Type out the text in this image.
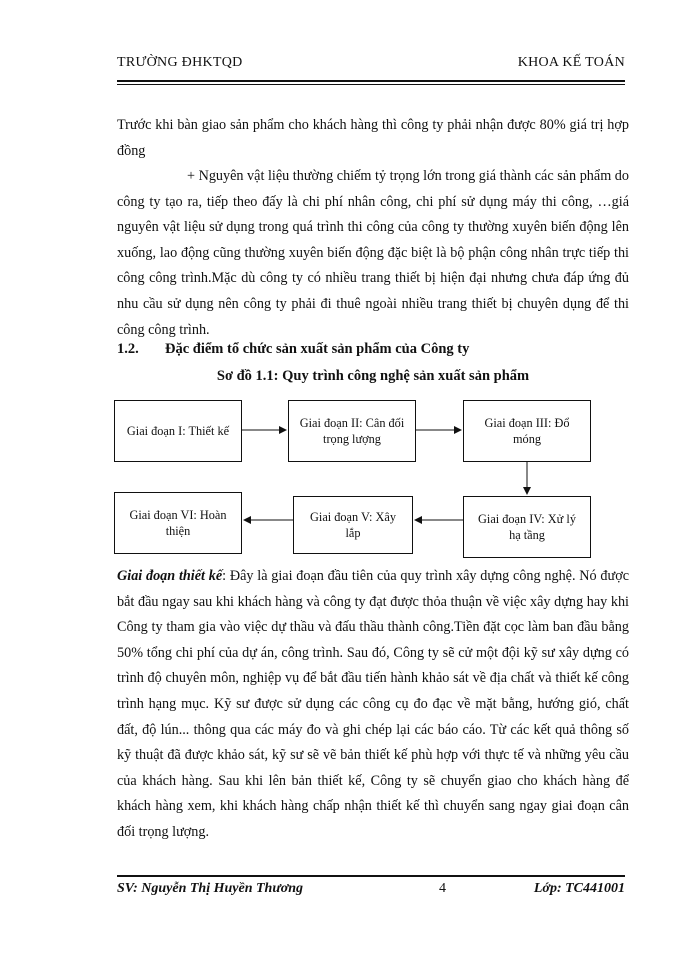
TRƯỜNG ĐHKTQD	KHOA KẾ TOÁN

Trước khi bàn giao sản phẩm cho khách hàng thì công ty phải nhận được 80% giá trị hợp đồng

+ Nguyên vật liệu thường chiếm tỷ trọng lớn trong giá thành các sản phẩm do công ty tạo ra, tiếp theo đấy là chi phí nhân công, chi phí sử dụng máy thi công, …giá nguyên vật liệu sử dụng trong quá trình thi công của công ty thường xuyên biến động lên xuống, lao động cũng thường xuyên biến động đặc biệt là bộ phận công nhân trực tiếp thi công công trình.Mặc dù công ty có nhiều trang thiết bị hiện đại nhưng chưa đáp ứng đủ nhu cầu sử dụng nên công ty phải đi thuê ngoài nhiều trang thiết bị chuyên dụng để thi công công trình.

1.2. Đặc điểm tổ chức sản xuất sản phẩm của Công ty
Sơ đồ 1.1: Quy trình công nghệ sản xuất sản phẩm
Giai đoạn I: Thiết kế
Giai đoạn II: Cân đối trọng lượng
Giai đoạn III: Đổ móng
Giai đoạn IV: Xử lý hạ tầng
Giai đoạn V: Xây lắp
Giai đoạn VI: Hoàn thiện

Giai đoạn thiết kế: Đây là giai đoạn đầu tiên của quy trình xây dựng công nghệ. Nó được bắt đầu ngay sau khi khách hàng và công ty đạt được thỏa thuận về việc xây dựng hay khi Công ty tham gia vào việc dự thầu và đấu thầu thành công.Tiền đặt cọc làm ban đầu bằng 50% tổng chi phí của dự án, công trình. Sau đó, Công ty sẽ cử một đội kỹ sư xây dựng có trình độ chuyên môn, nghiệp vụ để bắt đầu tiến hành khảo sát về địa chất và thiết kế công trình hạng mục. Kỹ sư được sử dụng các công cụ đo đạc về mặt bằng, hướng gió, chất đất, độ lún... thông qua các máy đo và ghi chép lại các báo cáo. Từ các kết quả thông số kỹ thuật đã được khảo sát, kỹ sư sẽ vẽ bản thiết kế phù hợp với thực tế và những yêu cầu của khách hàng. Sau khi lên bản thiết kế, Công ty sẽ chuyển giao cho khách hàng để khách hàng xem, khi khách hàng chấp nhận thiết kế thì chuyển sang ngay giai đoạn cân đối trọng lượng.

SV: Nguyễn Thị Huyền Thương	4	Lớp: TC441001
